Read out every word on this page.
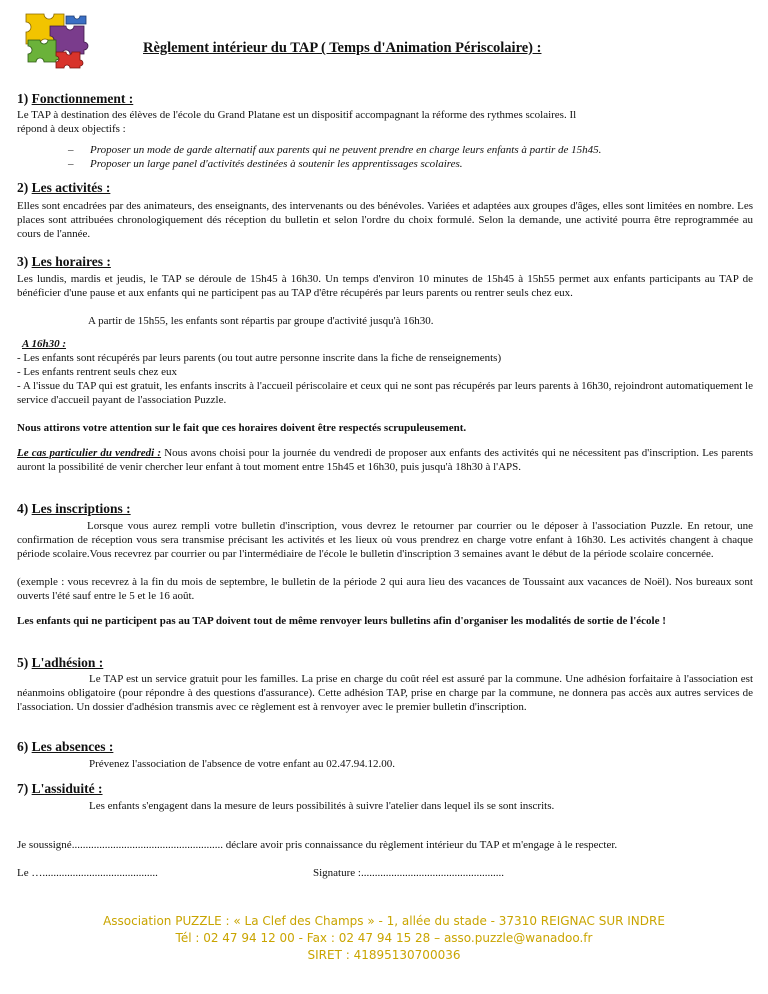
Règlement intérieur du TAP ( Temps d'Animation Périscolaire) :
1) Fonctionnement :
Le TAP à destination des élèves de l'école du Grand Platane est un dispositif accompagnant la réforme des rythmes scolaires. Il
répond à deux objectifs :
– Proposer un mode de garde alternatif aux parents qui ne peuvent prendre en charge leurs enfants à partir de 15h45.
– Proposer un large panel d'activités destinées à soutenir les apprentissages scolaires.
2) Les activités :
Elles sont encadrées par des animateurs, des enseignants, des intervenants ou des bénévoles. Variées et adaptées aux groupes d'âges, elles sont limitées en nombre. Les places sont attribuées chronologiquement dés réception du bulletin et selon l'ordre du choix formulé. Selon la demande, une activité pourra être reprogrammée au cours de l'année.
3) Les horaires :
Les lundis, mardis et jeudis, le TAP se déroule de 15h45 à 16h30. Un temps d'environ 10 minutes de 15h45 à 15h55 permet aux enfants participants au TAP de bénéficier d'une pause et aux enfants qui ne participent pas au TAP d'être récupérés par leurs parents ou rentrer seuls chez eux.
A partir de 15h55, les enfants sont répartis par groupe d'activité jusqu'à 16h30.
A 16h30 :
- Les enfants sont récupérés par leurs parents (ou tout autre personne inscrite dans la fiche de renseignements)
- Les enfants rentrent seuls chez eux
- A l'issue du TAP qui est gratuit, les enfants inscrits à l'accueil périscolaire et ceux qui ne sont pas récupérés par leurs parents à 16h30, rejoindront automatiquement le service d'accueil payant de l'association Puzzle.
Nous attirons votre attention sur le fait que ces horaires doivent être respectés scrupuleusement.
Le cas particulier du vendredi : Nous avons choisi pour la journée du vendredi de proposer aux enfants des activités qui ne nécessitent pas d'inscription. Les parents auront la possibilité de venir chercher leur enfant à tout moment entre 15h45 et 16h30, puis jusqu'à 18h30 à l'APS.
4) Les inscriptions :
Lorsque vous aurez rempli votre bulletin d'inscription, vous devrez le retourner par courrier ou le déposer à l'association Puzzle. En retour, une confirmation de réception vous sera transmise précisant les activités et les lieux où vous prendrez en charge votre enfant à 16h30. Les activités changent à chaque période scolaire.Vous recevrez par courrier ou par l'intermédiaire de l'école le bulletin d'inscription 3 semaines avant le début de la période scolaire concernée.
(exemple : vous recevrez à la fin du mois de septembre, le bulletin de la période 2 qui aura lieu des vacances de Toussaint aux vacances de Noël). Nos bureaux sont ouverts l'été sauf entre le 5 et le 16 août.
Les enfants qui ne participent pas au TAP doivent tout de même renvoyer leurs bulletins afin d'organiser les modalités de sortie de l'école !
5) L'adhésion :
Le TAP est un service gratuit pour les familles. La prise en charge du coût réel est assuré par la commune. Une adhésion forfaitaire à l'association est néanmoins obligatoire (pour répondre à des questions d'assurance). Cette adhésion TAP, prise en charge par la commune, ne donnera pas accès aux autres services de l'association. Un dossier d'adhésion transmis avec ce règlement est à renvoyer avec le premier bulletin d'inscription.
6) Les absences :
Prévenez l'association de l'absence de votre enfant au 02.47.94.12.00.
7) L'assiduité :
Les enfants s'engagent dans la mesure de leurs possibilités à suivre l'atelier dans lequel ils se sont inscrits.
Je soussigné....................................................... déclare avoir pris connaissance du règlement intérieur du TAP et m'engage à le respecter.
Le …..........................................	Signature :....................................................
Association PUZZLE : « La Clef des Champs » - 1, allée du stade - 37310 REIGNAC SUR INDRE
Tél : 02 47 94 12 00 - Fax : 02 47 94 15 28 – asso.puzzle@wanadoo.fr
SIRET : 41895130700036
